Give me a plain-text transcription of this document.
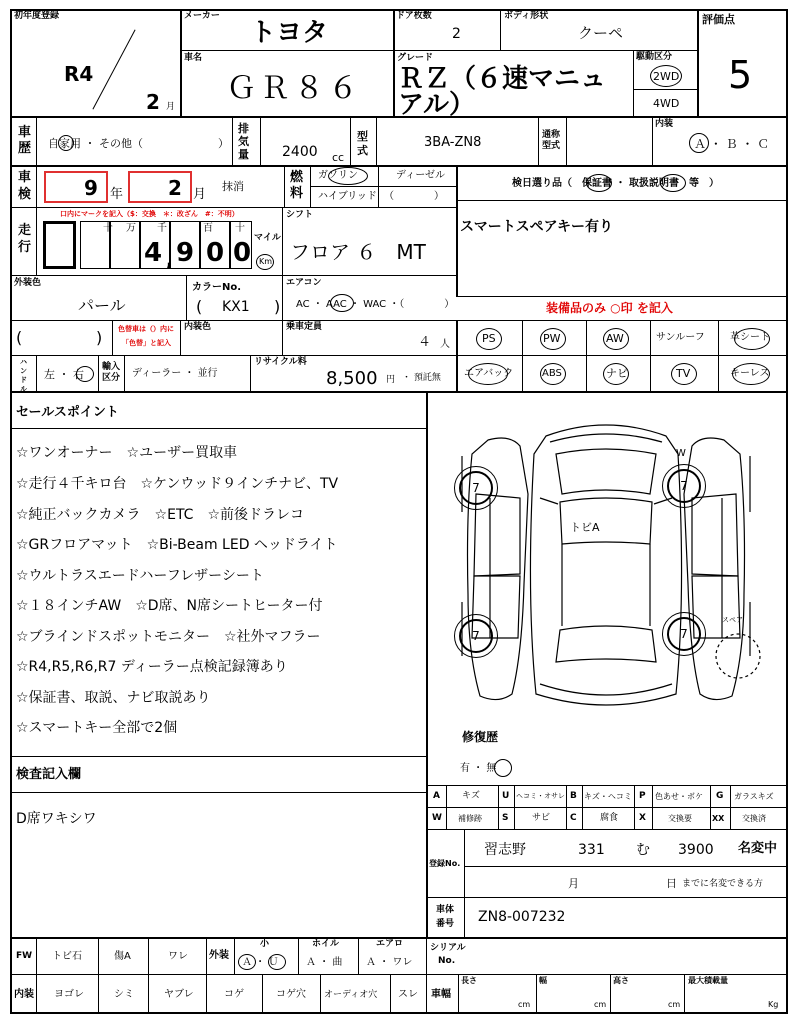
初年度登録
R4
2 月
メーカー
トヨタ
ドア枚数
2
ボディ形状
クーペ
評価点
5
車名
ＧＲ８６
グレード
ＲＺ（６速マニュ
アル）
駆動区分
2WD
4WD
車
歴 自家用 ・ その他（	）
排気量 2400 cc
型式
3BA-ZN8	通称型式
内装
Ａ ・ Ｂ ・ Ｃ
車
検	9 年 2 月
抹消
燃料
ガソリン	ディーゼル
ハイブリッド （　　　　）
検日選り品（　保証書 ・ 取扱説明書　等　）
走
行
口内にマークを記入（$：交換　＊：改ざん　#：不明）
十 万 千	百 十
4 , 9 0 0 マイル
Km
シフト
フロア ６　MT
スマートスペアキー有り
外装色
パール
カラーNo.
( KX1 )
エアコン
AC ・ AAC ・ WAC ・（　　　　）	装備品のみ ○印 を記入
(	) 色替車は（）内に
「色替」と記入
内装色	乗車定員
４ 人	PS	PW	AW	サンルーフ	革シート
エアバック	ABS	ナビ	TV	キーレス
ハンドル
左 ・ 右
輸入区分 ディーラー ・ 並行
リサイクル料
8,500 円 ・ 預託無
セールスポイント
☆ワンオーナー　☆ユーザー買取車
☆走行４千キロ台　☆ケンウッド９インチナビ、TV
☆純正バックカメラ　☆ETC　☆前後ドラレコ
☆GRフロアマット　☆Bi-Beam LED ヘッドライト
☆ウルトラスエードハーフレザーシート
☆１８インチAW　☆D席、N席シートヒーター付
☆ブラインドスポットモニター　☆社外マフラー
☆R4,R5,R6,R7 ディーラー点検記録簿あり
☆保証書、取説、ナビ取説あり
☆スマートキー全部で2個
7	7
7	7
トビA
W
スペア
修復歴
有 ・ 無
検査記入欄
D席ワキシワ
A キズ U ヘコミ・オサレ B キズ・ヘコミ P 色あせ・ボケ G ガラスキズ
W 補修跡 S	サビ C	腐食 X	交換要	XX 交換済
登録No.
習志野	331 む 3900 名変中
月	日 までに名変できる方
車体
番号 ZN8-007232
FW トビ石	傷A	ワレ 外装
小
Ａ ・ Ｕ
ホイル
Ａ ・ 曲
エアロ
Ａ ・ ワレ
シリアル
No.
内装 ヨゴレ	シミ	ヤブレ	コゲ	コゲ穴 オーディオ穴 スレ 車幅
長さ
cm
幅
cm
高さ
cm
最大積載量
Kg
